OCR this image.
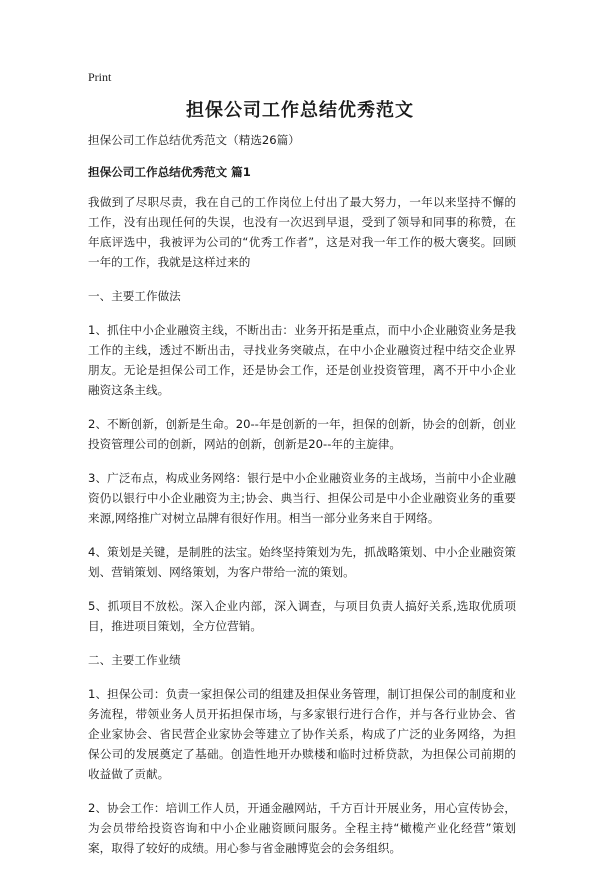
Print
担保公司工作总结优秀范文

担保公司工作总结优秀范文（精选26篇）

担保公司工作总结优秀范文 篇1

我做到了尽职尽责，我在自己的工作岗位上付出了最大努力，一年以来坚持不懈的工作，没有出现任何的失误，也没有一次迟到早退，受到了领导和同事的称赞，在年底评选中，我被评为公司的“优秀工作者”，这是对我一年工作的极大褒奖。回顾一年的工作，我就是这样过来的

一、主要工作做法

1、抓住中小企业融资主线，不断出击：业务开拓是重点，而中小企业融资业务是我工作的主线，透过不断出击，寻找业务突破点，在中小企业融资过程中结交企业界朋友。无论是担保公司工作，还是协会工作，还是创业投资管理，离不开中小企业融资这条主线。

2、不断创新，创新是生命。20--年是创新的一年，担保的创新，协会的创新，创业投资管理公司的创新，网站的创新，创新是20--年的主旋律。

3、广泛布点，构成业务网络：银行是中小企业融资业务的主战场，当前中小企业融资仍以银行中小企业融资为主;协会、典当行、担保公司是中小企业融资业务的重要来源,网络推广对树立品牌有很好作用。相当一部分业务来自于网络。

4、策划是关键，是制胜的法宝。始终坚持策划为先，抓战略策划、中小企业融资策划、营销策划、网络策划，为客户带给一流的策划。

5、抓项目不放松。深入企业内部，深入调查，与项目负责人搞好关系,选取优质项目，推进项目策划，全方位营销。

二、主要工作业绩

1、担保公司：负责一家担保公司的组建及担保业务管理，制订担保公司的制度和业务流程，带领业务人员开拓担保市场，与多家银行进行合作，并与各行业协会、省企业家协会、省民营企业家协会等建立了协作关系，构成了广泛的业务网络，为担保公司的发展奠定了基础。创造性地开办赎楼和临时过桥贷款，为担保公司前期的收益做了贡献。

2、协会工作：培训工作人员，开通金融网站，千方百计开展业务，用心宣传协会，为会员带给投资咨询和中小企业融资顾问服务。全程主持“橄榄产业化经营”策划案，取得了较好的成绩。用心参与省金融博览会的会务组织。
